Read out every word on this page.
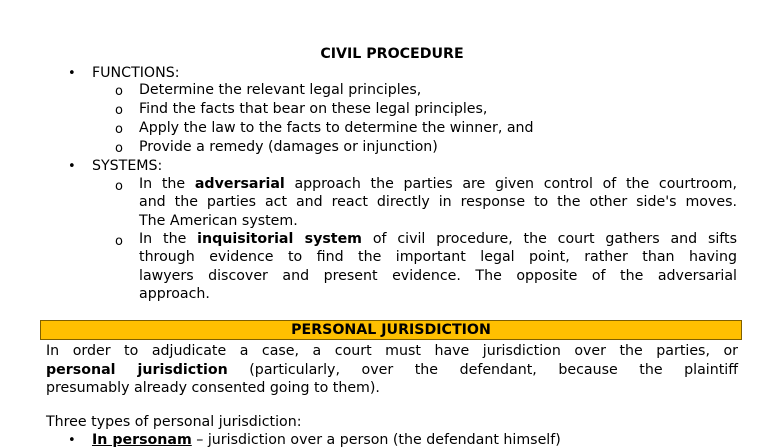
CIVIL PROCEDURE
• FUNCTIONS:
o Determine the relevant legal principles,
o Find the facts that bear on these legal principles,
o Apply the law to the facts to determine the winner, and
o Provide a remedy (damages or injunction)
• SYSTEMS:
o In the adversarial approach the parties are given control of the courtroom,
and the parties act and react directly in response to the other side's moves.
The American system.
o In the inquisitorial system of civil procedure, the court gathers and sifts
through evidence to find the important legal point, rather than having
lawyers discover and present evidence. The opposite of the adversarial
approach.
PERSONAL JURISDICTION
In order to adjudicate a case, a court must have jurisdiction over the parties, or
personal jurisdiction (particularly, over the defendant, because the plaintiff
presumably already consented going to them).
Three types of personal jurisdiction:
• In personam – jurisdiction over a person (the defendant himself)
